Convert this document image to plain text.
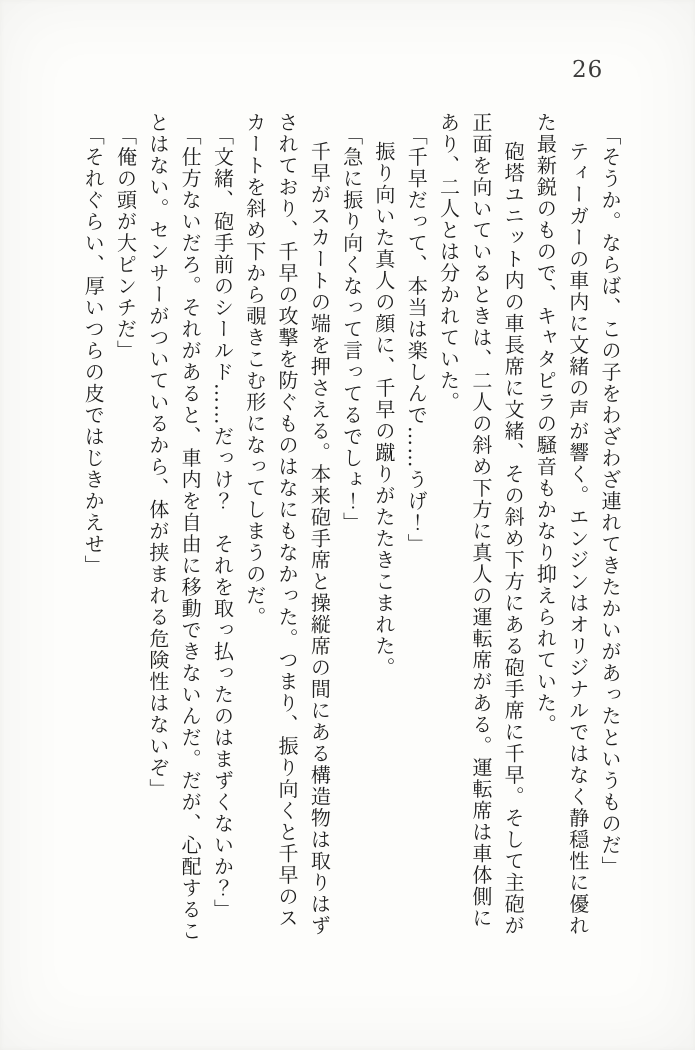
26

「そうか。ならば、この子をわざわざ連れてきたかいがあったというものだ」

ティーガーの車内に文緒の声が響く。エンジンはオリジナルではなく静穏性に優れた最新鋭のもので、キャタピラの騒音もかなり抑えられていた。

砲塔ユニット内の車長席に文緒、その斜め下方にある砲手席に千早。そして主砲が正面を向いているときは、二人の斜め下方に真人の運転席がある。運転席は車体側にあり、二人とは分かれていた。

「千早だって、本当は楽しんで……うげ！」

振り向いた真人の顔に、千早の蹴りがたたきこまれた。

「急に振り向くなって言ってるでしょ！」

千早がスカートの端を押さえる。本来砲手席と操縦席の間にある構造物は取りはずされており、千早の攻撃を防ぐものはなにもなかった。つまり、振り向くと千早のスカートを斜め下から覗きこむ形になってしまうのだ。

「文緒、砲手前のシールド……だっけ？　それを取っ払ったのはまずくないか？」

「仕方ないだろ。それがあると、車内を自由に移動できないんだ。だが、心配することはない。センサーがついているから、体が挟まれる危険性はないぞ」

「俺の頭が大ピンチだ」

「それぐらい、厚いつらの皮ではじきかえせ」
